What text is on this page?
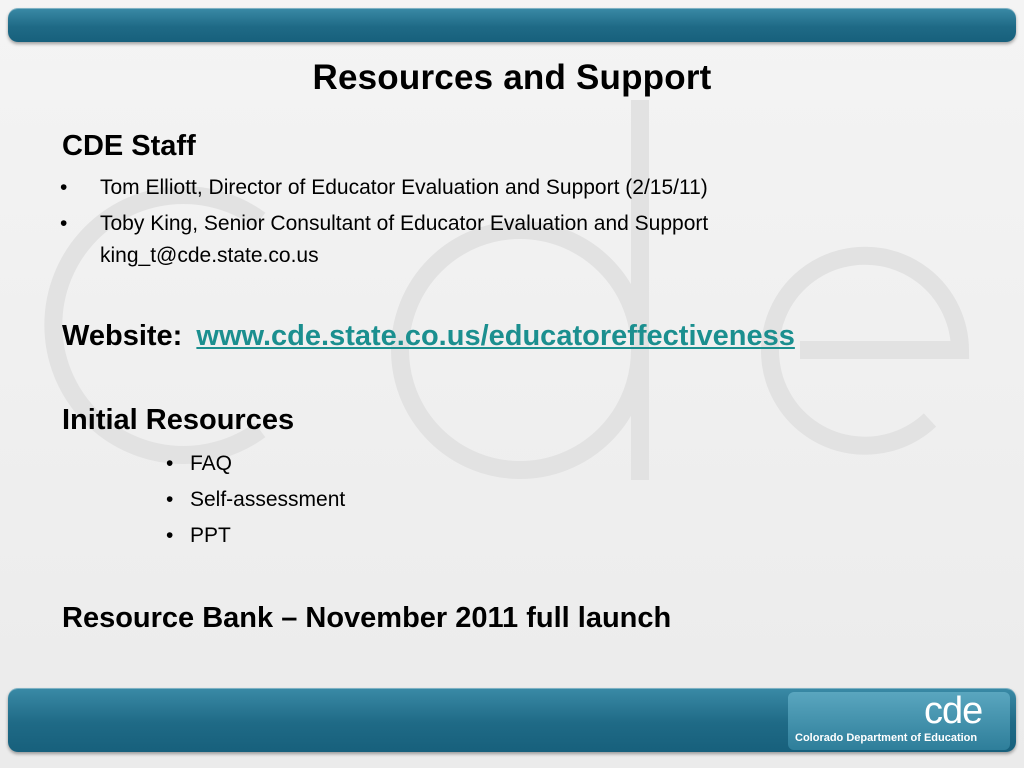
Resources and Support
CDE Staff
• Tom Elliott, Director of Educator Evaluation and Support (2/15/11)
• Toby King, Senior Consultant of Educator Evaluation and Support
king_t@cde.state.co.us
Website: www.cde.state.co.us/educatoreffectiveness
Initial Resources
• FAQ
• Self-assessment
• PPT
Resource Bank – November 2011 full launch
cde
Colorado Department of Education
